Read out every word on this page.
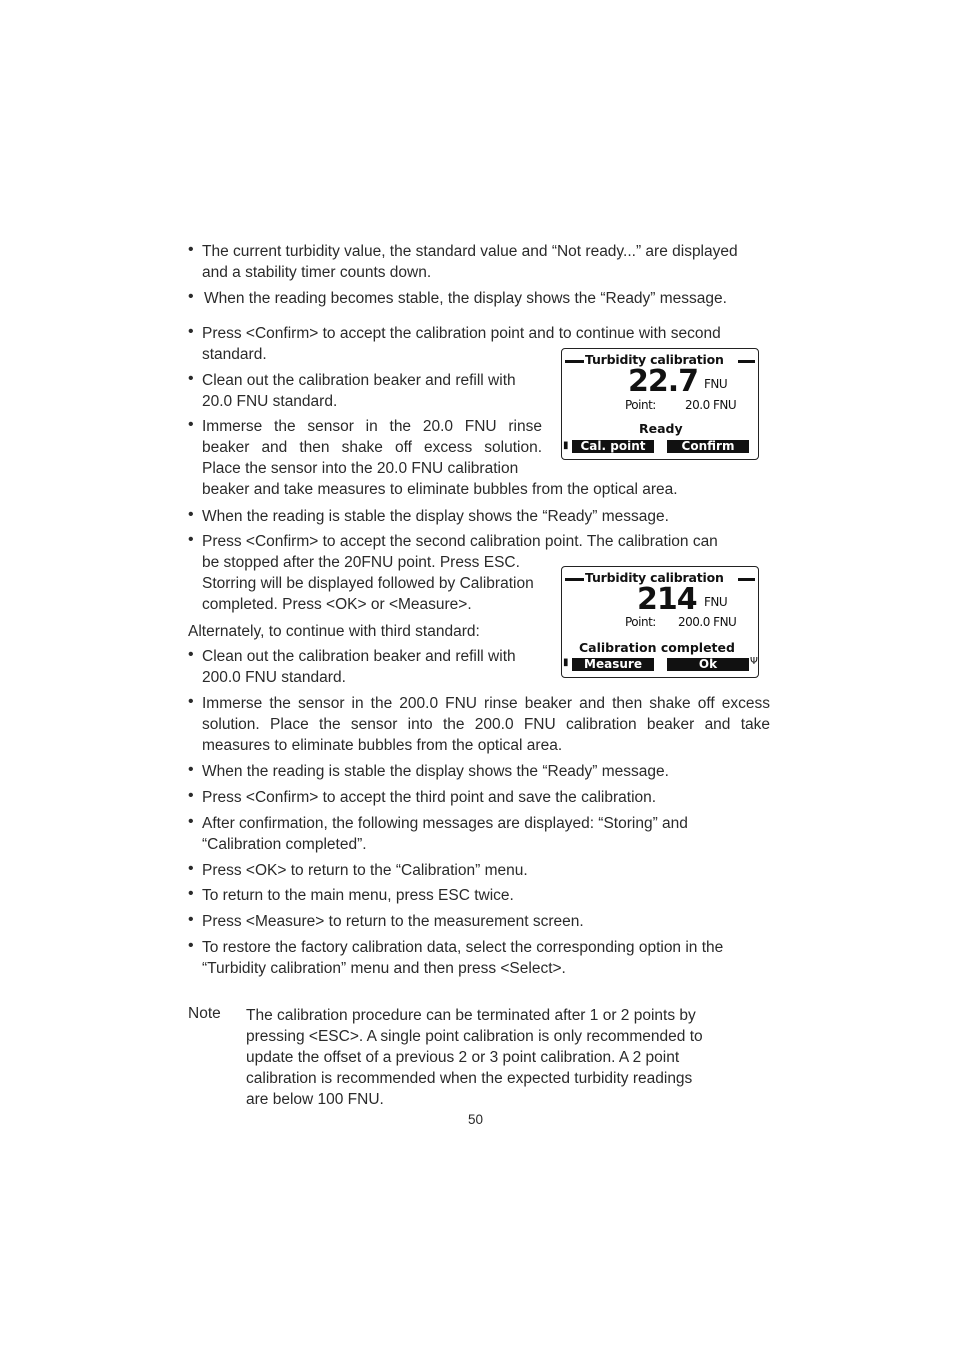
• The current turbidity value, the standard value and “Not ready...” are displayed
and a stability timer counts down.

• When the reading becomes stable, the display shows the “Ready” message.

• Press <Confirm> to accept the calibration point and to continue with second
standard.

• Clean out the calibration beaker and refill with
20.0 FNU standard.

• Immerse the sensor in the 20.0 FNU rinse
beaker and then shake off excess solution.
Place the sensor into the 20.0 FNU calibration
beaker and take measures to eliminate bubbles from the optical area.
• When the reading is stable the display shows the “Ready” message.

• Press <Confirm> to accept the second calibration point. The calibration can
be stopped after the 20FNU point. Press ESC.
Storring will be displayed followed by Calibration
completed. Press <OK> or <Measure>.

Alternately, to continue with third standard:

• Clean out the calibration beaker and refill with
200.0 FNU standard.

• Immerse the sensor in the 200.0 FNU rinse beaker and then shake off excess
solution. Place the sensor into the 200.0 FNU calibration beaker and take
measures to eliminate bubbles from the optical area.
• When the reading is stable the display shows the “Ready” message.

• Press <Confirm> to accept the third point and save the calibration.

• After confirmation, the following messages are displayed: “Storing” and
“Calibration completed”.

• Press <OK> to return to the “Calibration” menu.

• To return to the main menu, press ESC twice.

• Press <Measure> to return to the measurement screen.

• To restore the factory calibration data, select the corresponding option in the
“Turbidity calibration” menu and then press <Select>.

Note The calibration procedure can be terminated after 1 or 2 points by
pressing <ESC>. A single point calibration is only recommended to
update the offset of a previous 2 or 3 point calibration. A 2 point
calibration is recommended when the expected turbidity readings
are below 100 FNU.
Turbidity calibration
22.7 FNU
Point: 20.0 FNU
Ready
▮ Cal. point	Confirm
Turbidity calibration
214 FNU
Point: 200.0 FNU
Calibration completed
▮	Measure	Ok	Ψ
50
